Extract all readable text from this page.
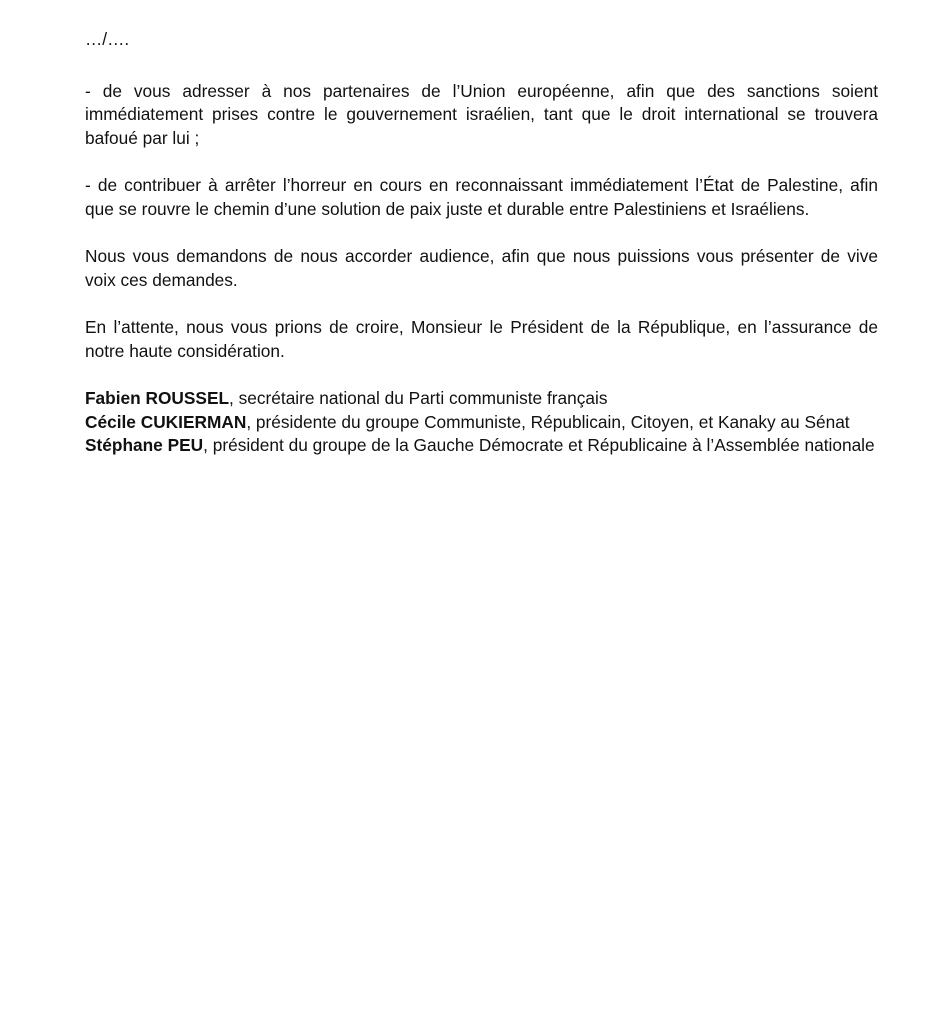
…/….

- de vous adresser à nos partenaires de l’Union européenne, afin que des sanctions soient immédiatement prises contre le gouvernement israélien, tant que le droit international se trouvera bafoué par lui ;

- de contribuer à arrêter l’horreur en cours en reconnaissant immédiatement l’État de Palestine, afin que se rouvre le chemin d’une solution de paix juste et durable entre Palestiniens et Israéliens.

Nous vous demandons de nous accorder audience, afin que nous puissions vous présenter de vive voix ces demandes.

En l’attente, nous vous prions de croire, Monsieur le Président de la République, en l’assurance de notre haute considération.

Fabien ROUSSEL, secrétaire national du Parti communiste français

Cécile CUKIERMAN, présidente du groupe Communiste, Républicain, Citoyen, et Kanaky au Sénat

Stéphane PEU, président du groupe de la Gauche Démocrate et Républicaine à l’Assemblée nationale
